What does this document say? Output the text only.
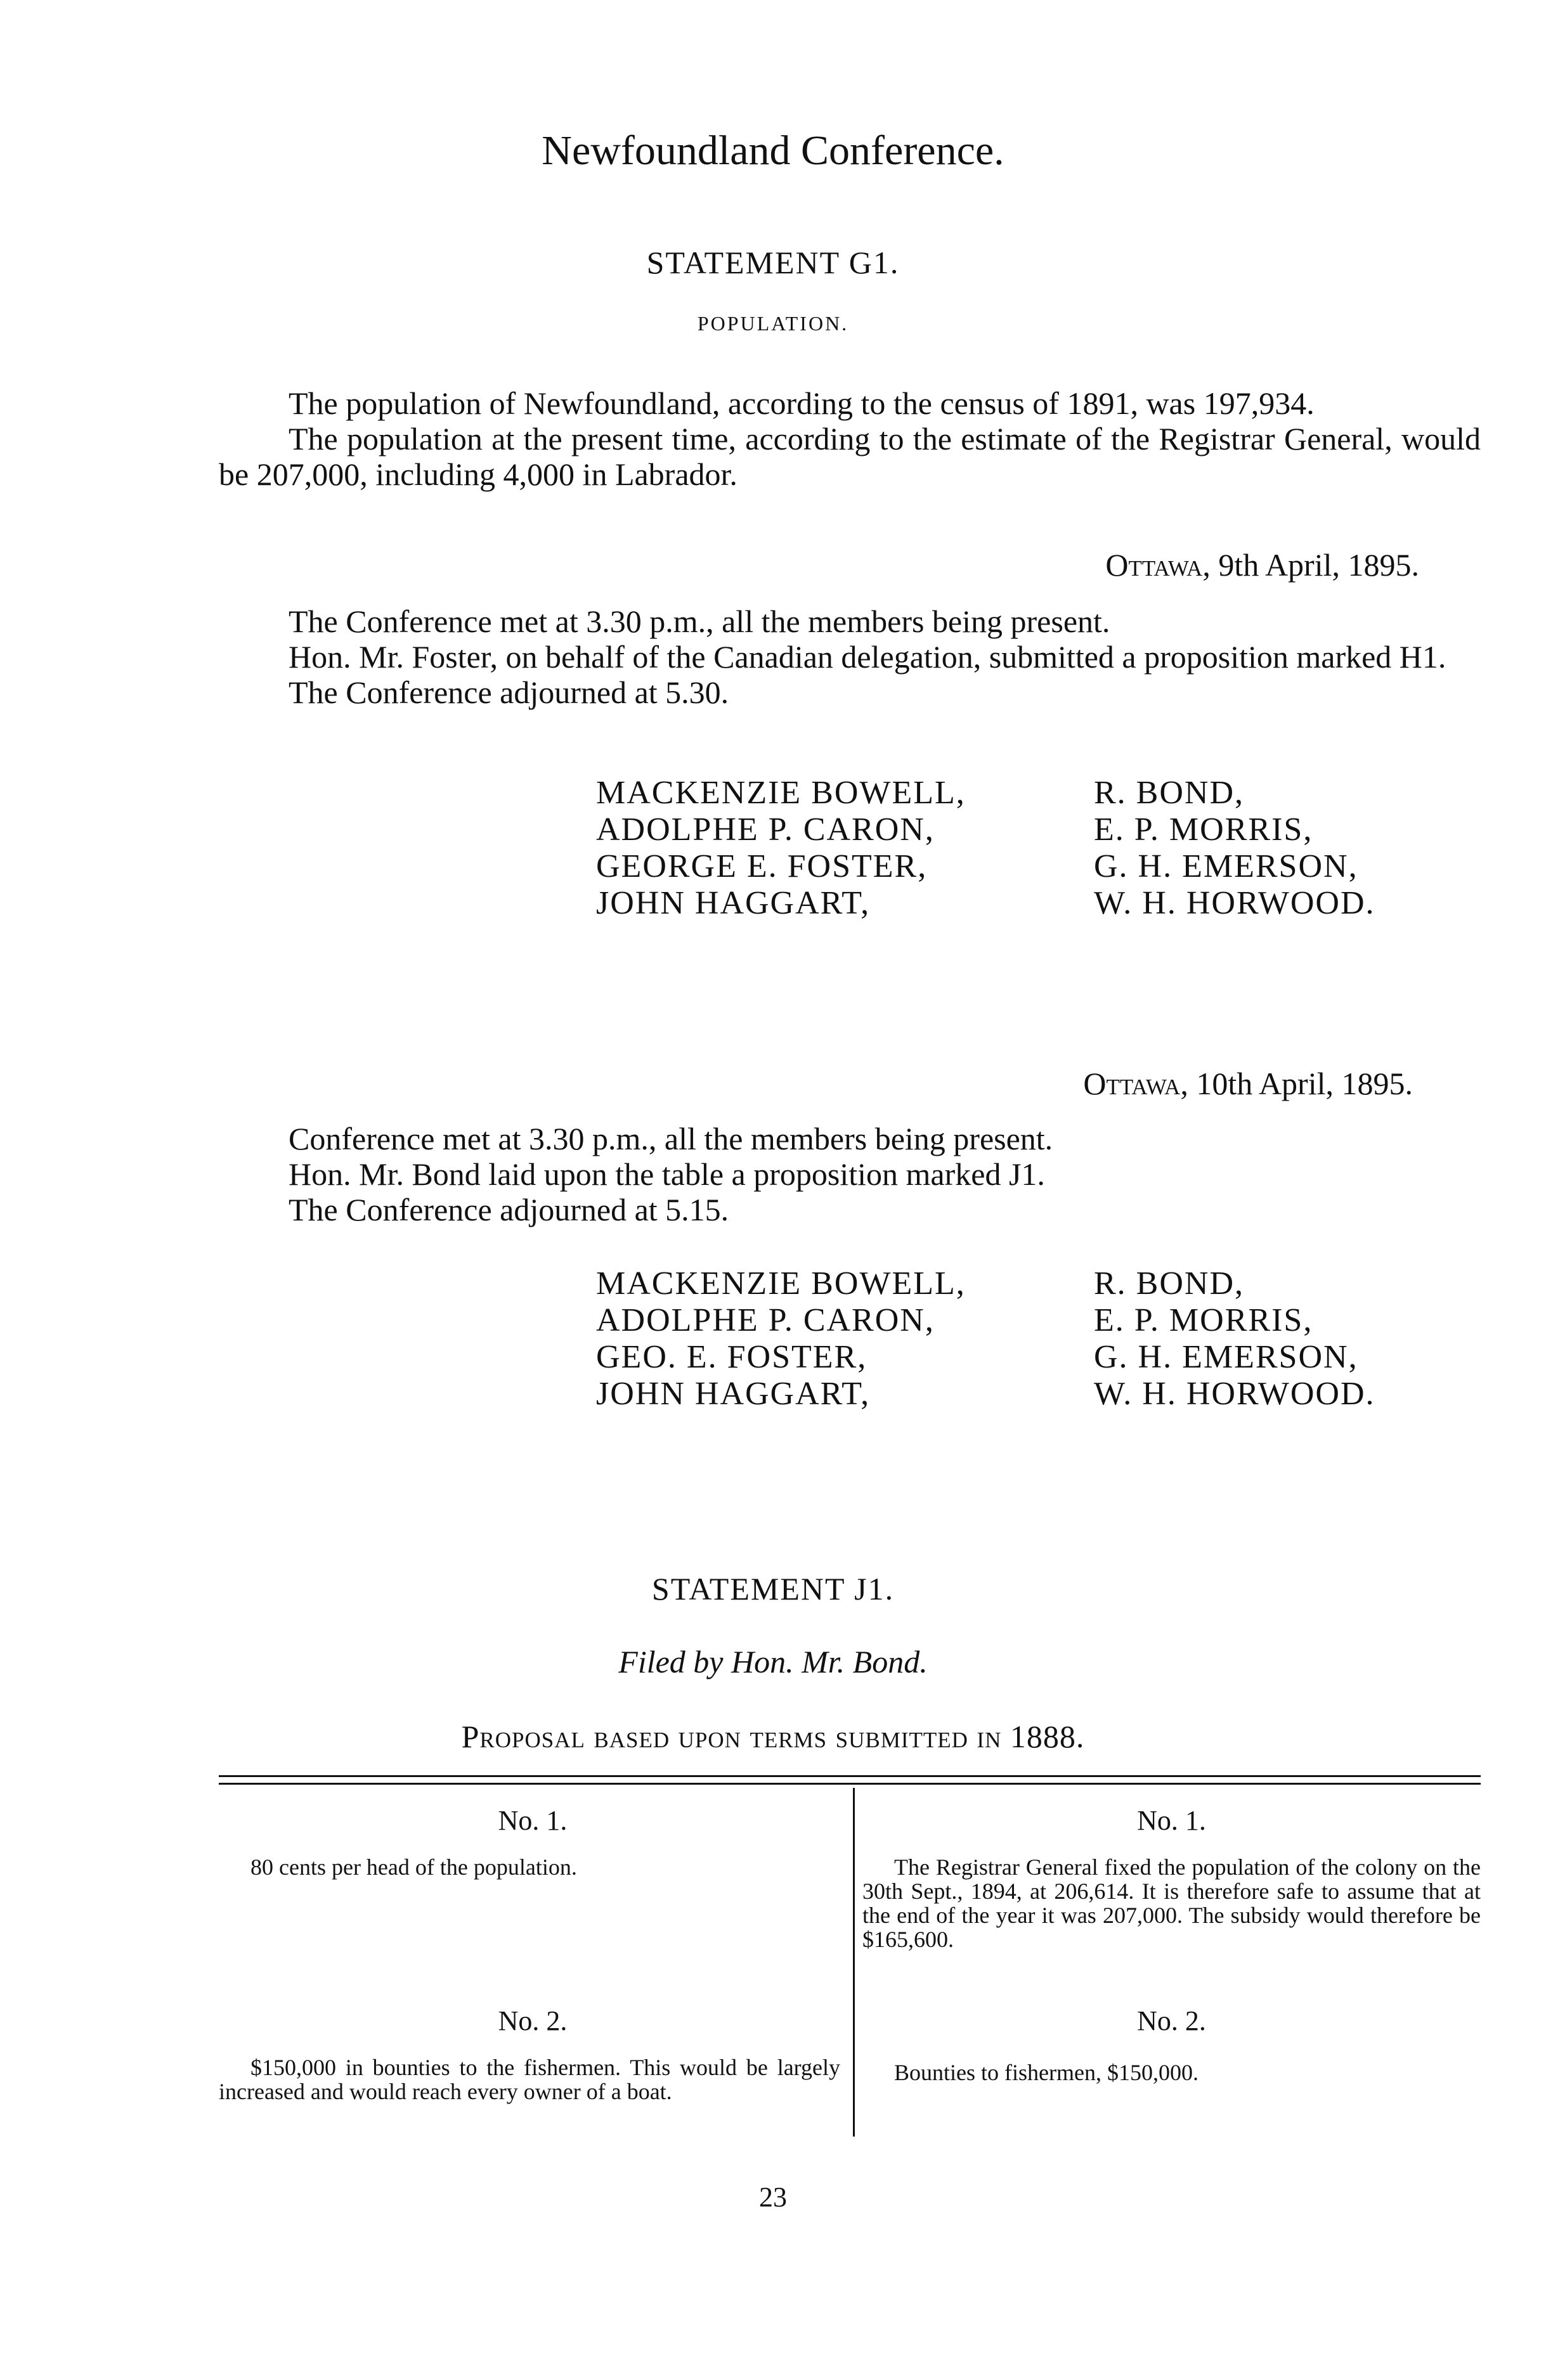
Newfoundland Conference.
STATEMENT G1.
POPULATION.

The population of Newfoundland, according to the census of 1891, was 197,934.

The population at the present time, according to the estimate of the Registrar General, would be 207,000, including 4,000 in Labrador.

Ottawa, 9th April, 1895.

The Conference met at 3.30 p.m., all the members being present.

Hon. Mr. Foster, on behalf of the Canadian delegation, submitted a proposition marked H1.

The Conference adjourned at 5.30.

MACKENZIE BOWELL,
ADOLPHE P. CARON,
GEORGE E. FOSTER,
JOHN HAGGART,
R. BOND,
E. P. MORRIS,
G. H. EMERSON,
W. H. HORWOOD.
Ottawa, 10th April, 1895.

Conference met at 3.30 p.m., all the members being present.

Hon. Mr. Bond laid upon the table a proposition marked J1.

The Conference adjourned at 5.15.

MACKENZIE BOWELL,
ADOLPHE P. CARON,
GEO. E. FOSTER,
JOHN HAGGART,
R. BOND,
E. P. MORRIS,
G. H. EMERSON,
W. H. HORWOOD.
STATEMENT J1.
Filed by Hon. Mr. Bond.
Proposal based upon terms submitted in 1888.
No. 1.
80 cents per head of the population.
No. 2.
$150,000 in bounties to the fishermen. This would be largely increased and would reach every owner of a boat.
No. 1.
The Registrar General fixed the population of the colony on the 30th Sept., 1894, at 206,614. It is therefore safe to assume that at the end of the year it was 207,000. The subsidy would therefore be $165,600.
No. 2.
Bounties to fishermen, $150,000.
23
